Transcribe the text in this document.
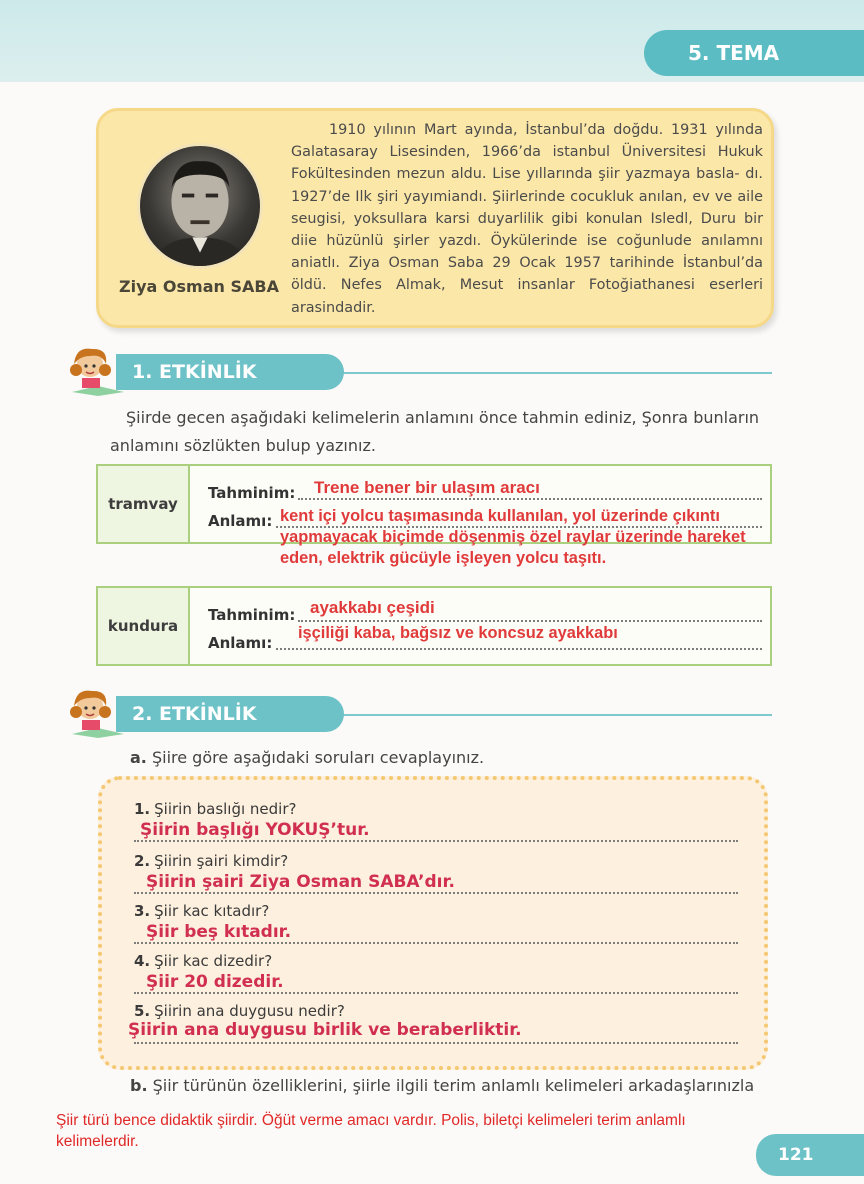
5. TEMA
Ziya Osman SABA
1910 yılının Mart ayında, İstanbul’da doğdu. 1931 yılında Galatasaray Lisesinden, 1966’da istanbul Üniversitesi Hukuk Fokültesinden mezun aldu. Lise yıllarında şiir yazmaya basla- dı. 1927’de Ilk şiri yayımiandı. Şiirlerinde cocukluk anılan, ev ve aile seugisi, yoksullara karsi duyarlilik gibi konulan Isledl, Duru bir diie hüzünlü şirler yazdı. Öykülerinde ise coğunlude anılamnı aniatlı. Ziya Osman Saba 29 Ocak 1957 tarihinde İstanbul’da öldü. Nefes Almak, Mesut insanlar Fotoğiathanesi eserleri arasindadir.
1. ETKİNLİK
Şiirde gecen aşağıdaki kelimelerin anlamını önce tahmin ediniz, Şonra bunların anlamını sözlükten bulup yazınız.
tramvay
Tahminim:
Anlamı:
Trene bener bir ulaşım aracı
kent içi yolcu taşımasında kullanılan, yol üzerinde çıkıntı
yapmayacak biçimde döşenmiş özel raylar üzerinde hareket
eden, elektrik gücüyle işleyen yolcu taşıtı.
kundura
Tahminim:
Anlamı:
ayakkabı çeşidi
işçiliği kaba, bağsız ve koncsuz ayakkabı
2. ETKİNLİK
a. Şiire göre aşağıdaki soruları cevaplayınız.
1. Şiirin baslığı nedir?
Şiirin başlığı YOKUŞ’tur.
2. Şiirin şairi kimdir?
Şiirin şairi Ziya Osman SABA’dır.
3. Şiir kac kıtadır?
Şiir beş kıtadır.
4. Şiir kac dizedir?
Şiir 20 dizedir.
5. Şiirin ana duygusu nedir?
Şiirin ana duygusu birlik ve beraberliktir.
b. Şiir türünün özelliklerini, şiirle ilgili terim anlamlı kelimeleri arkadaşlarınızla
Şiir türü bence didaktik şiirdir. Öğüt verme amacı vardır. Polis, biletçi kelimeleri terim anlamlı kelimelerdir.
121
